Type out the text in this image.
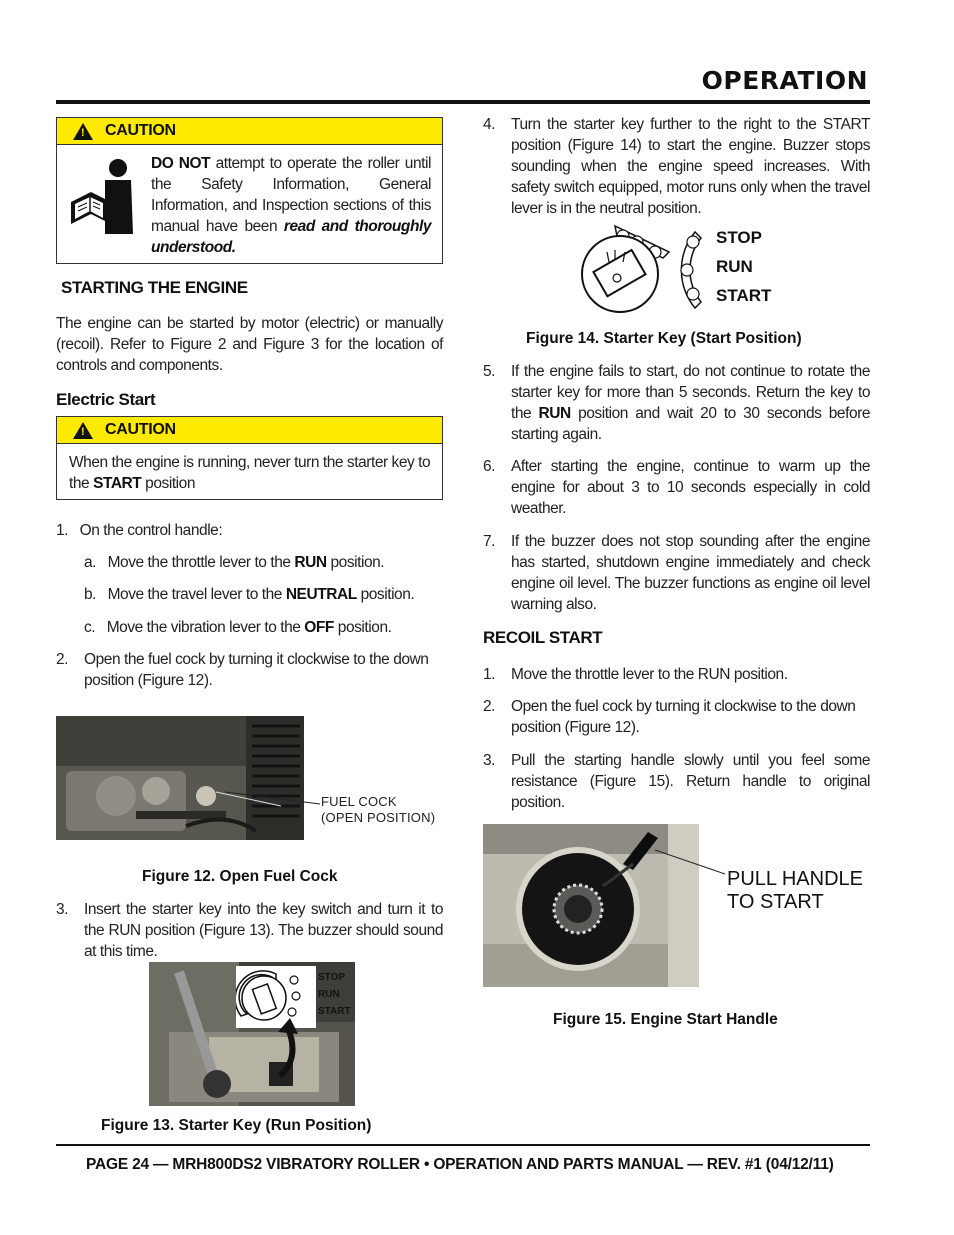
OPERATION
! CAUTION
DO NOT attempt to operate the roller until the Safety Information, General Information, and Inspection sections of this manual have been read and thoroughly understood.
STARTING THE ENGINE
The engine can be started by motor (electric) or manually (recoil). Refer to Figure 2 and Figure 3 for the location of controls and components.
Electric Start
! CAUTION
When the engine is running, never turn the starter key to the START position
1.   On the control handle:
a.   Move the throttle lever to the RUN position.
b.   Move the travel lever to the NEUTRAL position.
c.   Move the vibration lever to the OFF position.
2. Open the fuel cock by turning it clockwise to the down position (Figure 12).
FUEL COCK
(OPEN POSITION)
Figure 12. Open Fuel Cock
3. Insert the starter key into the key switch and turn it to the RUN position (Figure 13). The buzzer should sound at this time.
STOP
RUN
START
Figure 13. Starter Key (Run Position)
4. Turn the starter key further to the right to the START position (Figure 14) to start the engine. Buzzer stops sounding when the engine speed increases. With safety switch equipped, motor runs only when the travel lever is in the neutral position.
STOP
RUN
START
Figure 14. Starter Key (Start Position)
5. If the engine fails to start, do not continue to rotate the starter key for more than 5 seconds. Return the key to the RUN position and wait 20 to 30 seconds before starting again.
6. After starting the engine, continue to warm up the engine for about 3 to 10 seconds especially in cold weather.
7. If the buzzer does not stop sounding after the engine has started, shutdown engine immediately and check engine oil level. The buzzer functions as engine oil level warning also.
RECOIL START
1. Move the throttle lever to the RUN position.
2. Open the fuel cock by turning it clockwise to the down position (Figure 12).
3. Pull the starting handle slowly until you feel some resistance (Figure 15). Return handle to original position.
PULL HANDLE
TO START
Figure 15. Engine Start Handle
PAGE 24 — MRH800DS2 VIBRATORY ROLLER • OPERATION AND PARTS MANUAL — REV. #1 (04/12/11)
